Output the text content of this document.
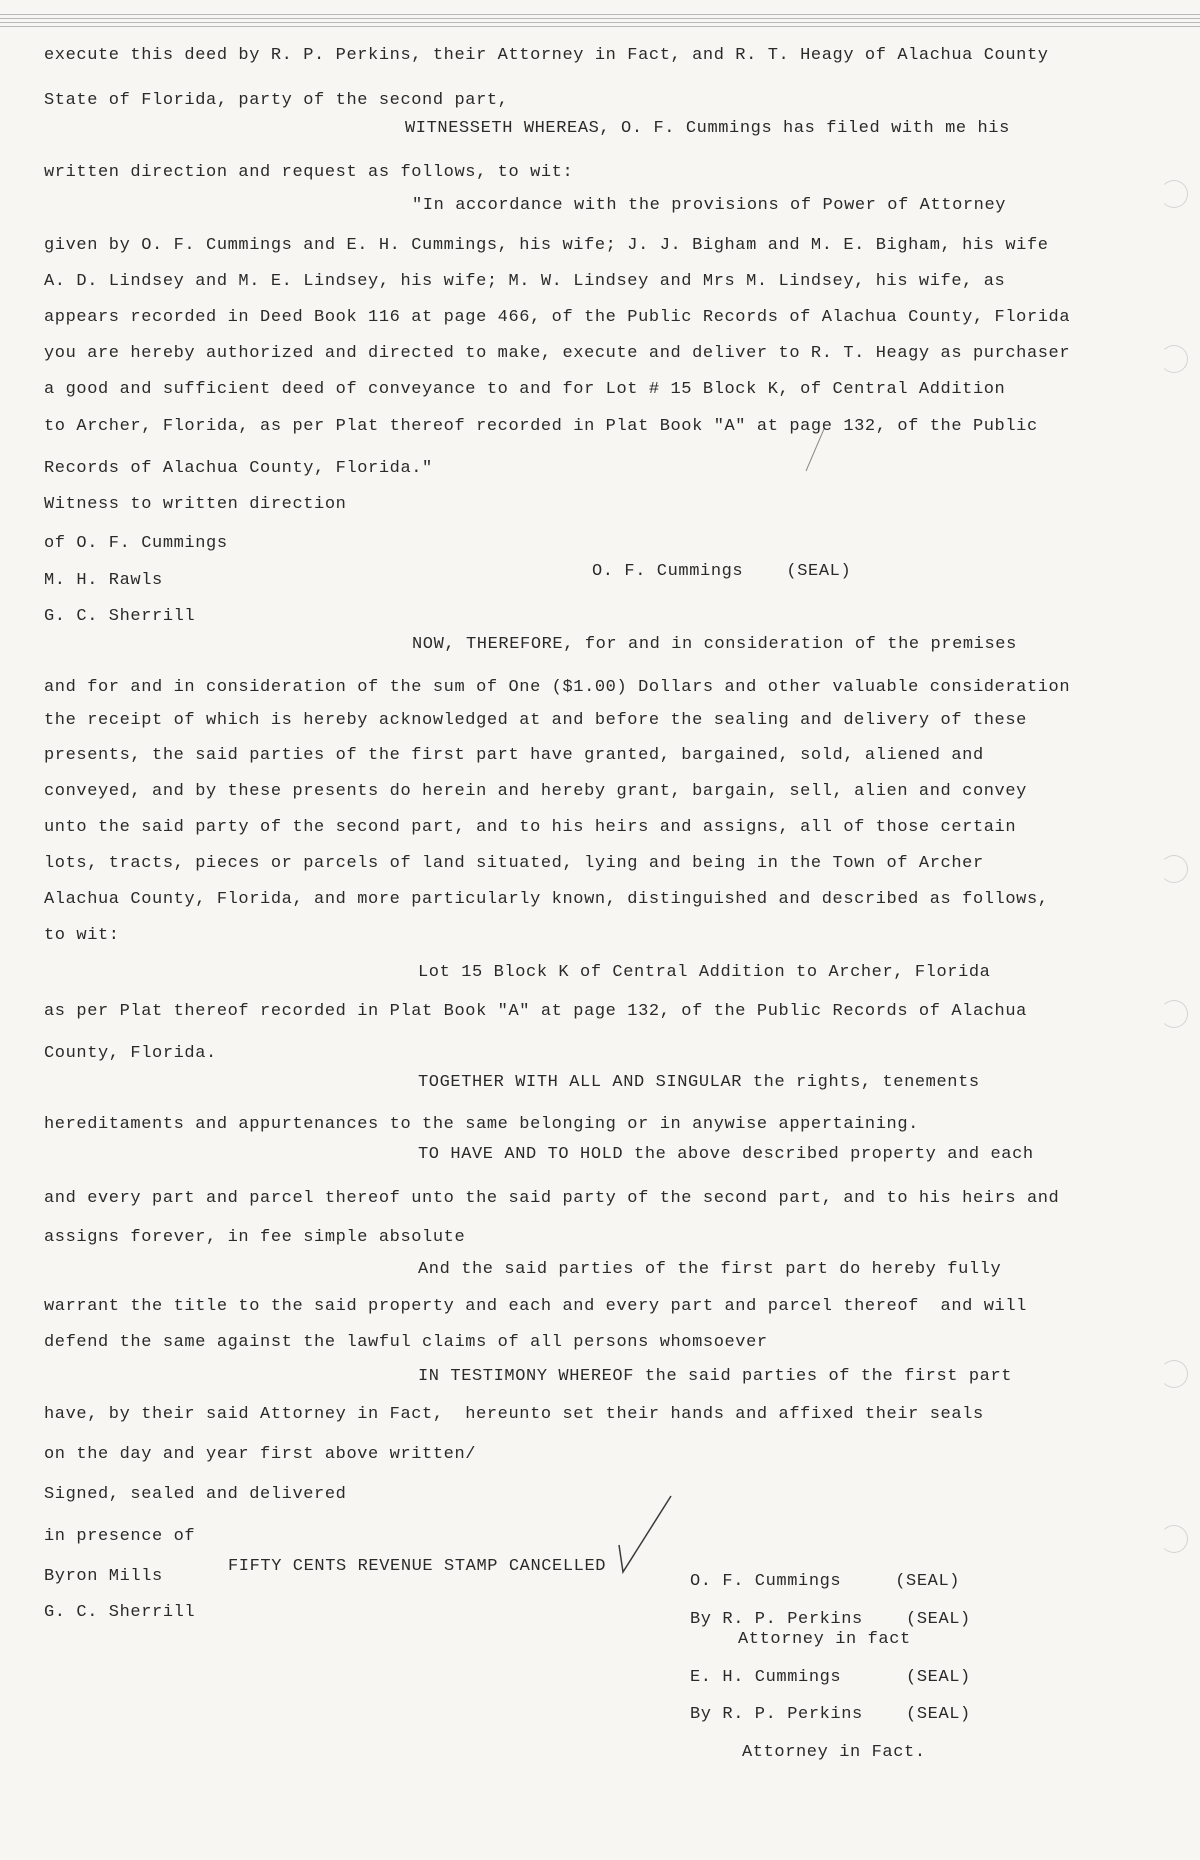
execute this deed by R. P. Perkins, their Attorney in Fact, and R. T. Heagy of Alachua County
State of Florida, party of the second part,
WITNESSETH WHEREAS, O. F. Cummings has filed with me his
written direction and request as follows, to wit:
"In accordance with the provisions of Power of Attorney
given by O. F. Cummings and E. H. Cummings, his wife; J. J. Bigham and M. E. Bigham, his wife
A. D. Lindsey and M. E. Lindsey, his wife; M. W. Lindsey and Mrs M. Lindsey, his wife, as
appears recorded in Deed Book 116 at page 466, of the Public Records of Alachua County, Florida
you are hereby authorized and directed to make, execute and deliver to R. T. Heagy as purchaser
a good and sufficient deed of conveyance to and for Lot # 15 Block K, of Central Addition
to Archer, Florida, as per Plat thereof recorded in Plat Book "A" at page 132, of the Public
Records of Alachua County, Florida."
Witness to written direction
of O. F. Cummings
M. H. Rawls	O. F. Cummings    (SEAL)
G. C. Sherrill
NOW, THEREFORE, for and in consideration of the premises
and for and in consideration of the sum of One ($1.00) Dollars and other valuable consideration
the receipt of which is hereby acknowledged at and before the sealing and delivery of these
presents, the said parties of the first part have granted, bargained, sold, aliened and
conveyed, and by these presents do herein and hereby grant, bargain, sell, alien and convey
unto the said party of the second part, and to his heirs and assigns, all of those certain
lots, tracts, pieces or parcels of land situated, lying and being in the Town of Archer
Alachua County, Florida, and more particularly known, distinguished and described as follows,
to wit:
Lot 15 Block K of Central Addition to Archer, Florida
as per Plat thereof recorded in Plat Book "A" at page 132, of the Public Records of Alachua
County, Florida.
TOGETHER WITH ALL AND SINGULAR the rights, tenements
hereditaments and appurtenances to the same belonging or in anywise appertaining.
TO HAVE AND TO HOLD the above described property and each
and every part and parcel thereof unto the said party of the second part, and to his heirs and
assigns forever, in fee simple absolute
And the said parties of the first part do hereby fully
warrant the title to the said property and each and every part and parcel thereof  and will
defend the same against the lawful claims of all persons whomsoever
IN TESTIMONY WHEREOF the said parties of the first part
have, by their said Attorney in Fact,  hereunto set their hands and affixed their seals
on the day and year first above written/
Signed, sealed and delivered
in presence of
Byron Mills
FIFTY CENTS REVENUE STAMP CANCELLED
O. F. Cummings     (SEAL)
G. C. Sherrill	By R. P. Perkins    (SEAL)
Attorney in fact
E. H. Cummings      (SEAL)
By R. P. Perkins    (SEAL)
Attorney in Fact.
